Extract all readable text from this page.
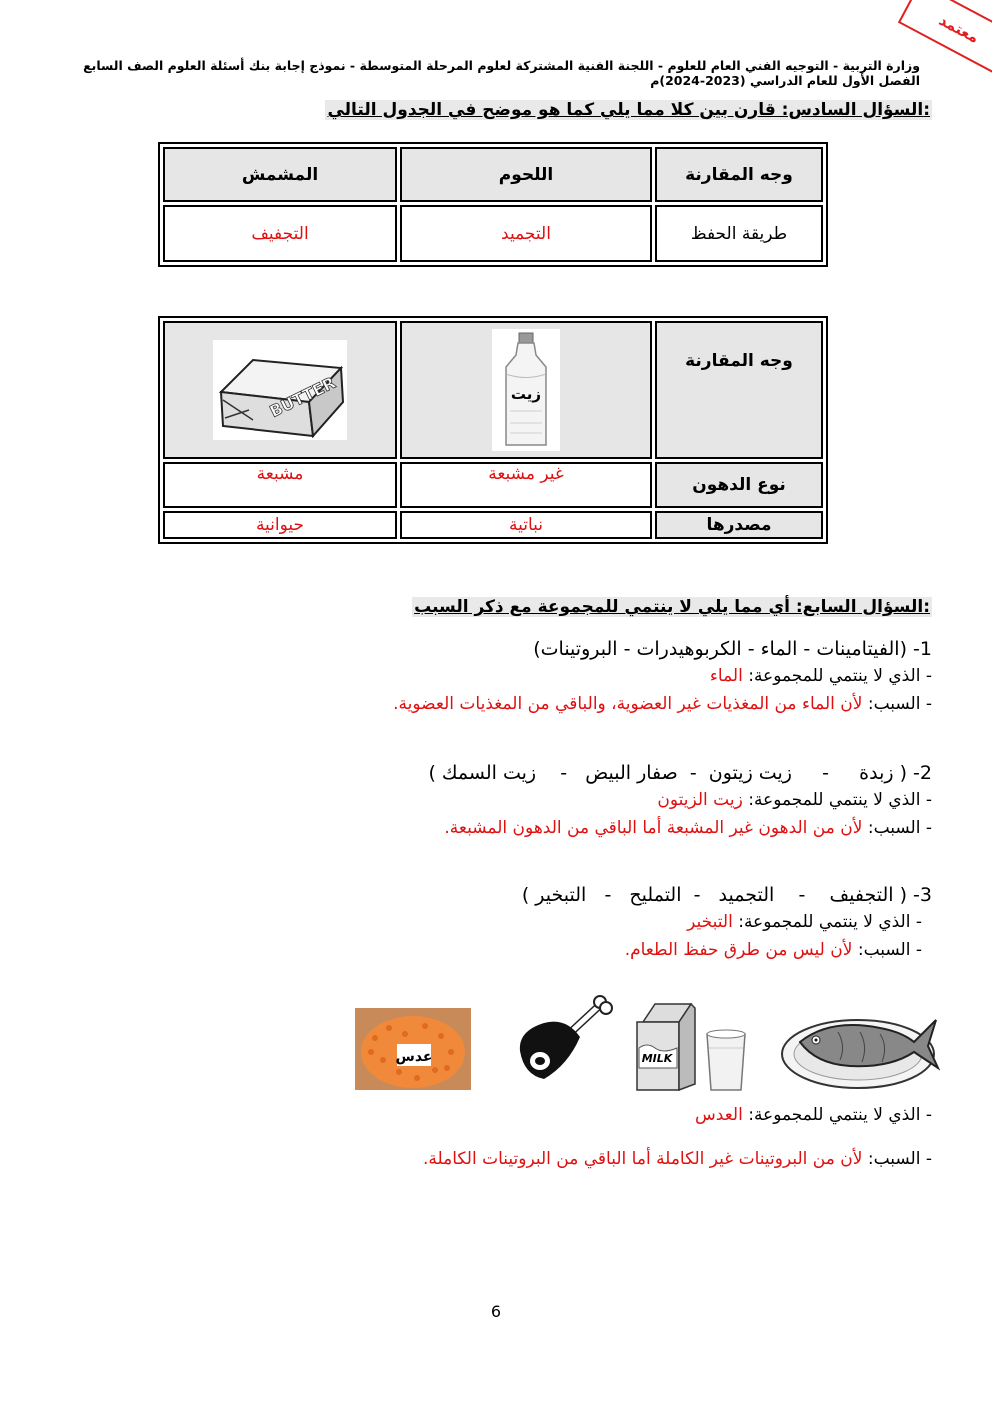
معتمد
وزارة التربية - التوجيه الفني العام للعلوم - اللجنة الفنية المشتركة لعلوم المرحلة المتوسطة - نموذج إجابة بنك أسئلة العلوم الصف السابع الفصل الأول للعام الدراسي (2023-2024)م
السؤال السادس: قارن بين كلا مما يلي كما هو موضح في الجدول التالي:
وجه المقارنة	اللحوم	المشمش
طريقة الحفظ	التجميد	التجفيف
وجه المقارنة	زيت	BUTTER

نوع الدهون	غير مشبعة	مشبعة
مصدرها	نباتية	حيوانية
السؤال السابع: أي مما يلي لا ينتمي للمجموعة مع ذكر السبب:
1- (الفيتامينات - الماء - الكربوهيدرات - البروتينات)
- الذي لا ينتمي للمجموعة: الماء
- السبب: لأن الماء من المغذيات غير العضوية، والباقي من المغذيات العضوية.
2- ( زبدة     -     زيت زيتون  -  صفار البيض   -    زيت السمك )
- الذي لا ينتمي للمجموعة: زيت الزيتون
- السبب: لأن من الدهون غير المشبعة أما الباقي من الدهون المشبعة.
3- ( التجفيف    -    التجميد   -  التمليح   -   التبخير )
- الذي لا ينتمي للمجموعة: التبخير
- السبب: لأن ليس من طرق حفظ الطعام.
عدس	MILK
- الذي لا ينتمي للمجموعة: العدس
- السبب: لأن من البروتينات غير الكاملة أما الباقي من البروتينات الكاملة.
6
